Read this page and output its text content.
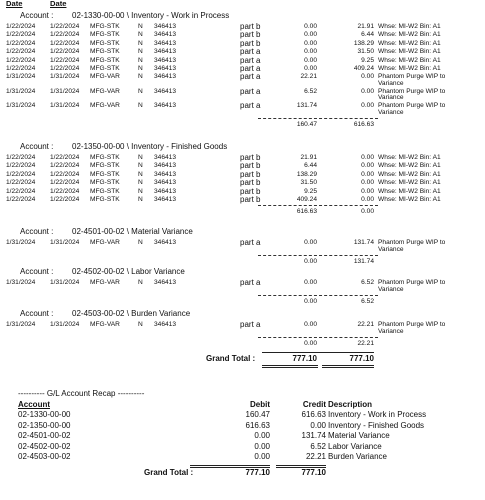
Date	Date
Account : 02-1330-00-00 \ Inventory - Work in Process
1/22/2024 1/22/2024 MFG-STK	N 346413	part b	0.00	21.91 Whse: MI-W2 Bin: A1
1/22/2024 1/22/2024 MFG-STK	N 346413	part b	0.00	6.44 Whse: MI-W2 Bin: A1
1/22/2024 1/22/2024 MFG-STK	N 346413	part b	0.00	138.29 Whse: MI-W2 Bin: A1
1/22/2024 1/22/2024 MFG-STK	N 346413	part a	0.00	31.50 Whse: MI-W2 Bin: A1
1/22/2024 1/22/2024 MFG-STK	N 346413	part a	0.00	9.25 Whse: MI-W2 Bin: A1
1/22/2024 1/22/2024 MFG-STK	N 346413	part a	0.00	409.24 Whse: MI-W2 Bin: A1
1/31/2024 1/31/2024 MFG-VAR	N 346413	part a	22.21	0.00 Phantom Purge WIP to
Variance
1/31/2024 1/31/2024 MFG-VAR	N 346413	part a	6.52	0.00 Phantom Purge WIP to
Variance
1/31/2024 1/31/2024 MFG-VAR	N 346413	part a	131.74	0.00 Phantom Purge WIP to
Variance
160.47	616.63
Account : 02-1350-00-00 \ Inventory - Finished Goods
1/22/2024 1/22/2024 MFG-STK	N 346413	part b	21.91	0.00 Whse: MI-W2 Bin: A1
1/22/2024 1/22/2024 MFG-STK	N 346413	part b	6.44	0.00 Whse: MI-W2 Bin: A1
1/22/2024 1/22/2024 MFG-STK	N 346413	part b	138.29	0.00 Whse: MI-W2 Bin: A1
1/22/2024 1/22/2024 MFG-STK	N 346413	part b	31.50	0.00 Whse: MI-W2 Bin: A1
1/22/2024 1/22/2024 MFG-STK	N 346413	part b	9.25	0.00 Whse: MI-W2 Bin: A1
1/22/2024 1/22/2024 MFG-STK	N 346413	part b	409.24	0.00 Whse: MI-W2 Bin: A1
616.63	0.00
Account : 02-4501-00-02 \ Material Variance
1/31/2024 1/31/2024 MFG-VAR	N 346413	part a	0.00	131.74 Phantom Purge WIP to
Variance
0.00	131.74
Account : 02-4502-00-02 \ Labor Variance
1/31/2024 1/31/2024 MFG-VAR	N 346413	part a	0.00	6.52 Phantom Purge WIP to
Variance
0.00	6.52
Account : 02-4503-00-02 \ Burden Variance
1/31/2024 1/31/2024 MFG-VAR	N 346413	part a	0.00	22.21 Phantom Purge WIP to
Variance
0.00	22.21
Grand Total :	777.10	777.10
---------- G/L Account Recap ----------
Account	Debit	Credit Description
02-1330-00-00	160.47	616.63 Inventory - Work in Process
02-1350-00-00	616.63	0.00 Inventory - Finished Goods
02-4501-00-02	0.00	131.74 Material Variance
02-4502-00-02	0.00	6.52 Labor Variance
02-4503-00-02	0.00	22.21 Burden Variance
Grand Total :	777.10	777.10
